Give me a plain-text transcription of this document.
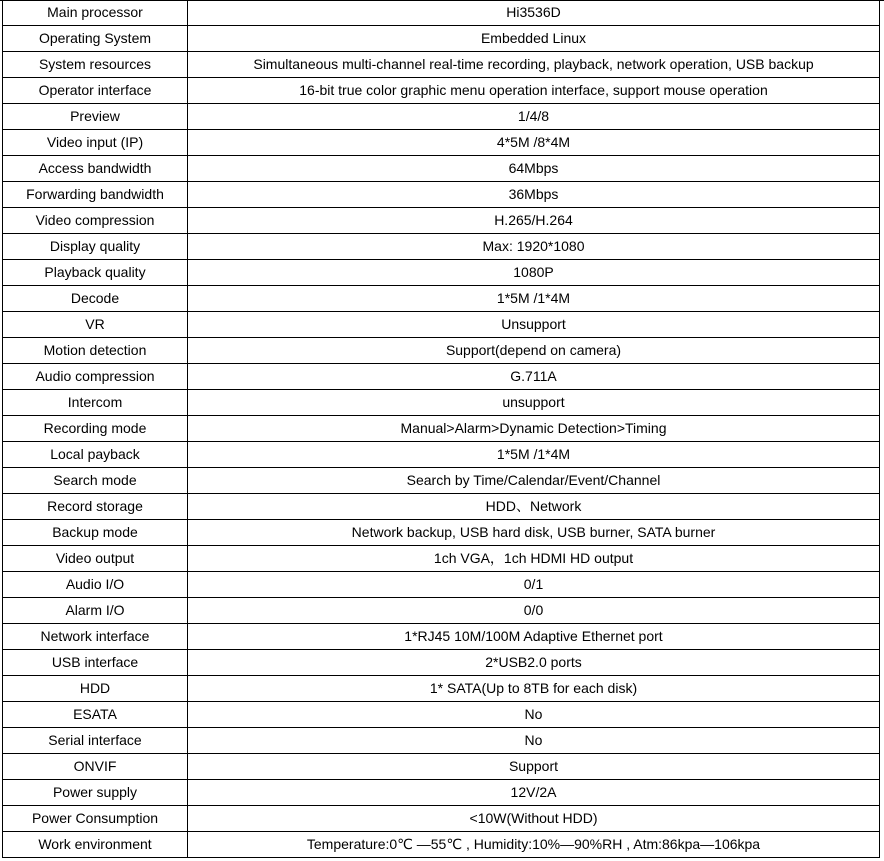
Main processor	Hi3536D
Operating System	Embedded Linux
System resources	Simultaneous multi-channel real-time recording, playback, network operation, USB backup
Operator interface	16-bit true color graphic menu operation interface, support mouse operation
Preview	1/4/8
Video input (IP)	4*5M /8*4M
Access bandwidth	64Mbps
Forwarding bandwidth	36Mbps
Video compression	H.265/H.264
Display quality	Max: 1920*1080
Playback quality	1080P
Decode	1*5M /1*4M
VR	Unsupport
Motion detection	Support(depend on camera)
Audio compression	G.711A
Intercom	unsupport
Recording mode	Manual>Alarm>Dynamic Detection>Timing
Local payback	1*5M /1*4M
Search mode	Search by Time/Calendar/Event/Channel
Record storage	HDD、Network
Backup mode	Network backup, USB hard disk, USB burner, SATA burner
Video output	1ch VGA，1ch HDMI HD output
Audio I/O	0/1
Alarm I/O	0/0
Network interface	1*RJ45 10M/100M Adaptive Ethernet port
USB interface	2*USB2.0 ports
HDD	1* SATA(Up to 8TB for each disk)
ESATA	No
Serial interface	No
ONVIF	Support
Power supply	12V/2A
Power Consumption	<10W(Without HDD)
Work environment	Temperature:0℃ —55℃ , Humidity:10%—90%RH , Atm:86kpa—106kpa
